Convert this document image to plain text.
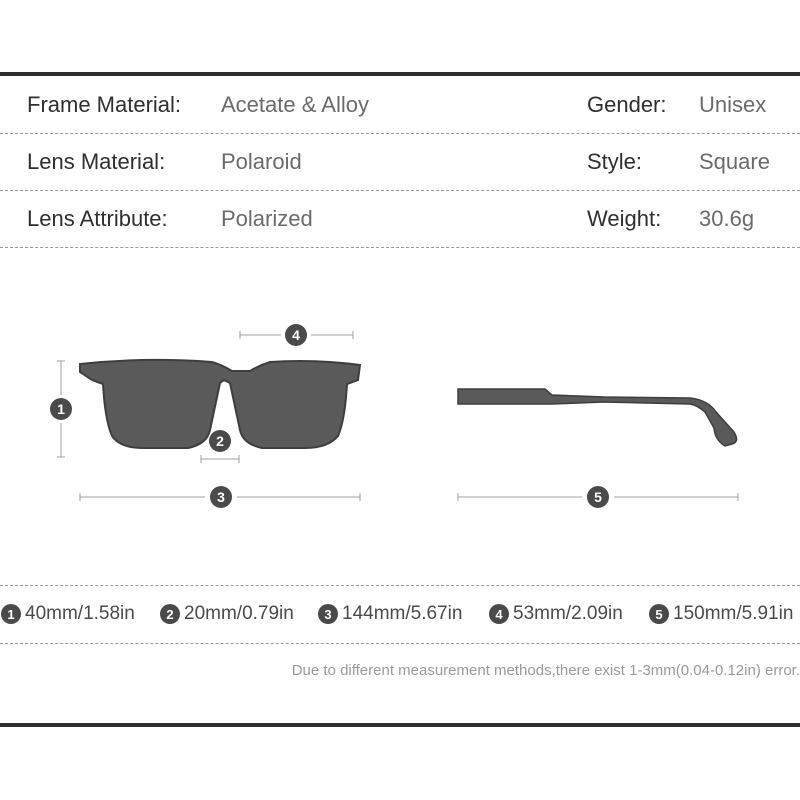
Frame Material: Acetate & Alloy	Gender: Unisex
Lens Material:	Polaroid	Style:	Square
Lens Attribute: Polarized	Weight: 30.6g
1
2
3
4
5
1 40mm/1.58in	2 20mm/0.79in	3 144mm/5.67in	4 53mm/2.09in	5 150mm/5.91in
Due to different measurement methods,there exist 1-3mm(0.04-0.12in) error.
